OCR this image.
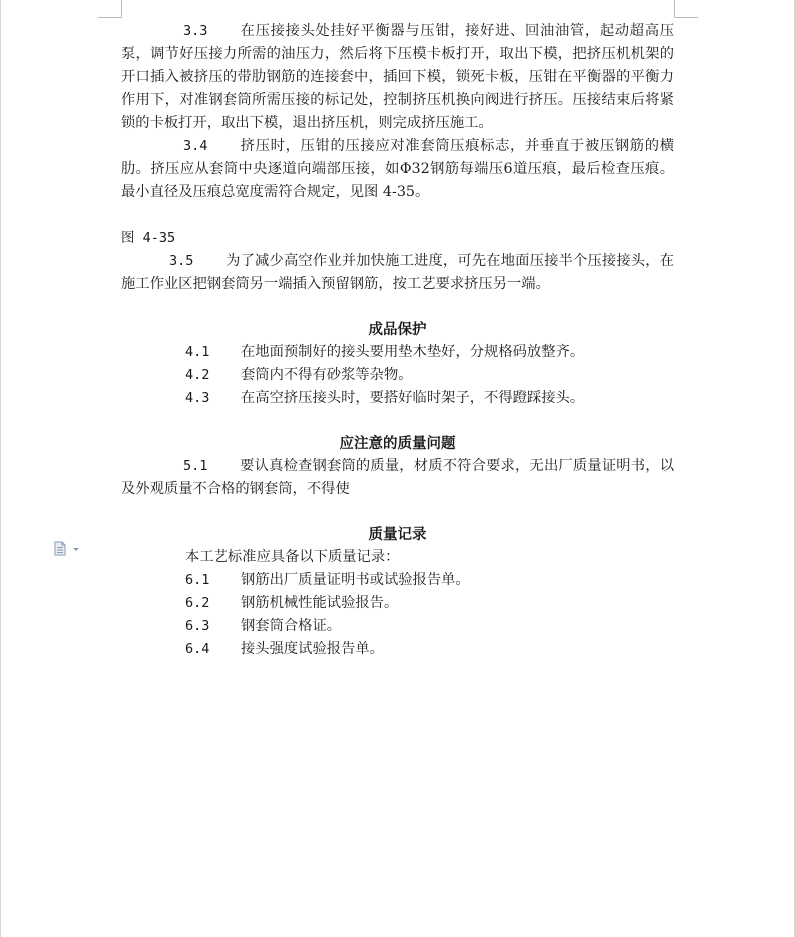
3.3 在压接接头处挂好平衡器与压钳，接好进、回油油管，起动超高压泵，调节好压接力所需的油压力，然后将下压模卡板打开，取出下模，把挤压机机架的开口插入被挤压的带肋钢筋的连接套中，插回下模，锁死卡板，压钳在平衡器的平衡力作用下，对准钢套筒所需压接的标记处，控制挤压机换向阀进行挤压。压接结束后将紧锁的卡板打开，取出下模，退出挤压机，则完成挤压施工。

3.4 挤压时，压钳的压接应对准套筒压痕标志，并垂直于被压钢筋的横肋。挤压应从套筒中央逐道向端部压接，如Φ32钢筋每端压6道压痕，最后检查压痕。最小直径及压痕总宽度需符合规定，见图 4-35。

图 4-35

3.5 为了减少高空作业并加快施工进度，可先在地面压接半个压接接头，在施工作业区把钢套筒另一端插入预留钢筋，按工艺要求挤压另一端。

成品保护

4.1 在地面预制好的接头要用垫木垫好，分规格码放整齐。

4.2 套筒内不得有砂浆等杂物。

4.3 在高空挤压接头时，要搭好临时架子，不得蹬踩接头。

应注意的质量问题

5.1 要认真检查钢套筒的质量，材质不符合要求，无出厂质量证明书，以及外观质量不合格的钢套筒，不得使

质量记录

本工艺标准应具备以下质量记录：

6.1 钢筋出厂质量证明书或试验报告单。

6.2 钢筋机械性能试验报告。

6.3 钢套筒合格证。

6.4 接头强度试验报告单。
